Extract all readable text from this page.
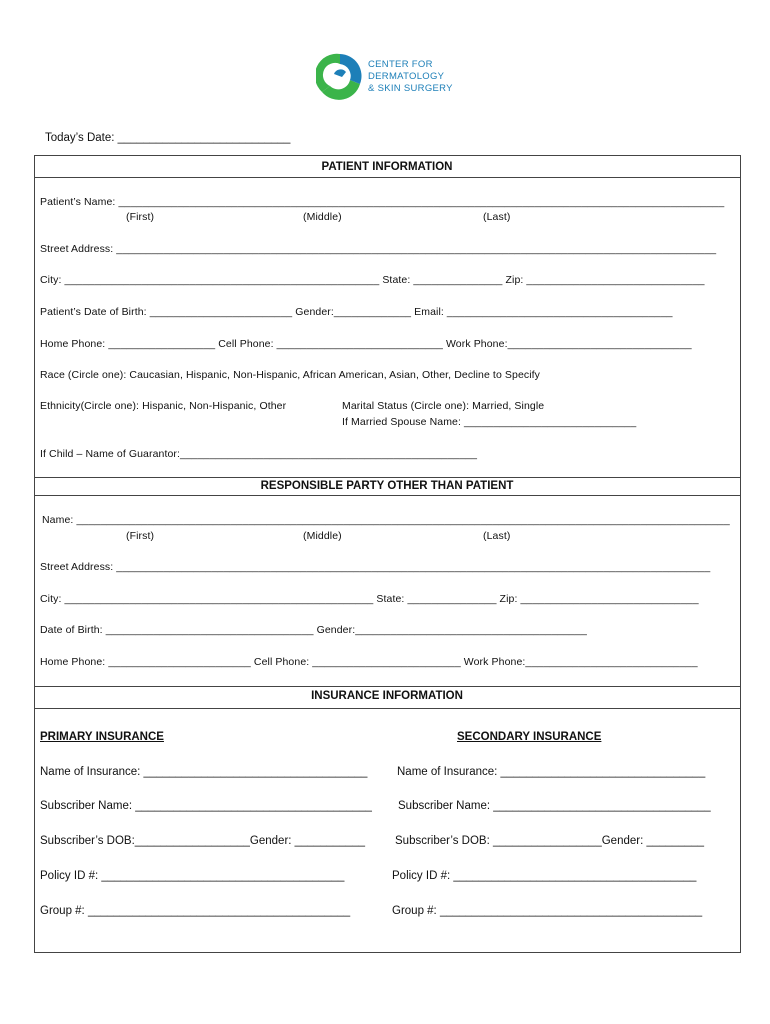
CENTER FOR
DERMATOLOGY
& SKIN SURGERY
Today’s Date: ___________________________
PATIENT INFORMATION
Patient’s Name: ______________________________________________________________________________________________________
(First)	(Middle)	(Last)
Street Address: _____________________________________________________________________________________________________
City: _____________________________________________________ State: _______________ Zip: ______________________________
Patient’s Date of Birth: ________________________ Gender:_____________ Email: ______________________________________
Home Phone: __________________ Cell Phone: ____________________________ Work Phone:_______________________________
Race (Circle one): Caucasian, Hispanic, Non-Hispanic, African American, Asian, Other, Decline to Specify
Ethnicity(Circle one): Hispanic, Non-Hispanic, Other	Marital Status (Circle one): Married, Single
If Married Spouse Name: _____________________________
If Child – Name of Guarantor:__________________________________________________
RESPONSIBLE PARTY OTHER THAN PATIENT
Name: ______________________________________________________________________________________________________________
(First)	(Middle)	(Last)
Street Address: ____________________________________________________________________________________________________
City: ____________________________________________________ State: _______________ Zip: ______________________________
Date of Birth: ___________________________________ Gender:_______________________________________
Home Phone: ________________________ Cell Phone: _________________________ Work Phone:_____________________________
INSURANCE INFORMATION
PRIMARY INSURANCE	SECONDARY INSURANCE
Name of Insurance: ___________________________________	Name of Insurance: ________________________________
Subscriber Name: _____________________________________ Subscriber Name: __________________________________
Subscriber’s DOB:__________________Gender: ___________	Subscriber’s DOB: _________________Gender: _________
Policy ID #: ______________________________________	Policy ID #: ______________________________________
Group #: _________________________________________	Group #: _________________________________________
